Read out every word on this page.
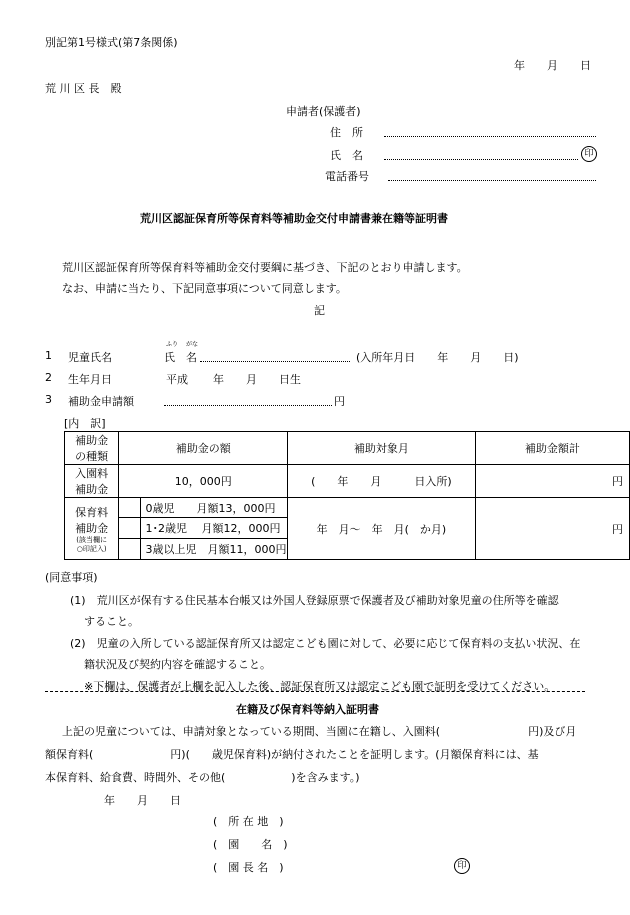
別記第1号様式(第7条関係)
年　　月　　日
荒 川 区 長　殿
申請者(保護者)
住　所
氏　名	印
電話番号
荒川区認証保育所等保育料等補助金交付申請書兼在籍等証明書
荒川区認証保育所等保育料等補助金交付要綱に基づき、下記のとおり申請します。
なお、申請に当たり、下記同意事項について同意します。
記
1 児童氏名
ふり がな
氏　名	(入所年月日　　年　　月　　日)
2 生年月日	平成 年　　月　　日生
3 補助金申請額	円
[内　訳]
補助金
の種類	補助金の額		補助対象月	補助金額計
入園料
補助金	10，000円		(　　年　　月　　　日入所)	円
保育料
補助金
(該当欄に
○印記入)		0歳児　　月額13，000円	年　月～　年　月(　か月)	円
		1･2歳児　 月額12，000円		
		3歳以上児　月額11，000円		
(同意事項)
(1)　荒川区が保有する住民基本台帳又は外国人登録原票で保護者及び補助対象児童の住所等を確認
すること。
(2)　児童の入所している認証保育所又は認定こども園に対して、必要に応じて保育料の支払い状況、在
籍状況及び契約内容を確認すること。
※下欄は、保護者が上欄を記入した後、認証保育所又は認定こども園で証明を受けてください。
在籍及び保育料等納入証明書
上記の児童については、申請対象となっている期間、当園に在籍し、入園料(　　　　　　　　円)及び月
額保育料(　　　　　　　円)(　　歳児保育料)が納付されたことを証明します。(月額保育料には、基
本保育料、給食費、時間外、その他(　　　　　　)を含みます。)
年　　月　　日
(　所 在 地　)
(　園　　名　)
(　園 長 名　)	印
